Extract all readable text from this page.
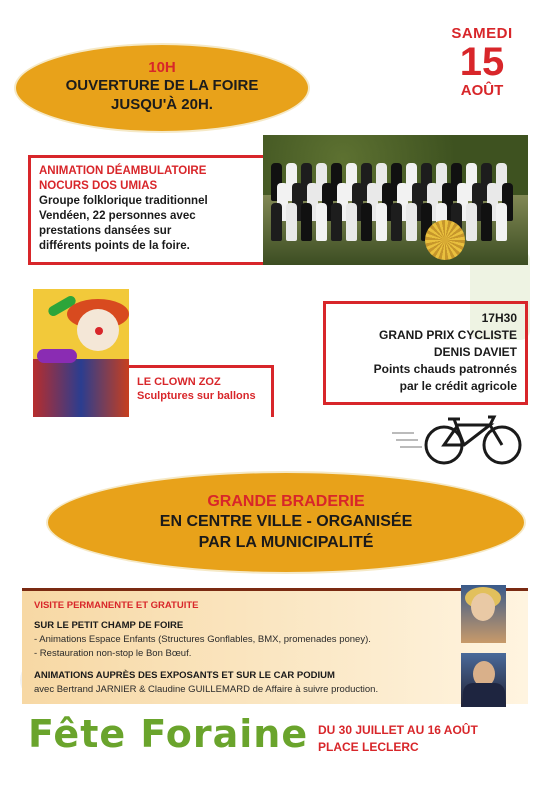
SAMEDI
15
AOÛT
10H
OUVERTURE DE LA FOIRE
JUSQU'À 20H.
ANIMATION DÉAMBULATOIRE
NOCURS DOS UMIAS
Groupe folklorique traditionnel
Vendéen, 22 personnes avec
prestations dansées sur
différents points de la foire.
LE CLOWN ZOZ
Sculptures sur ballons
17H30
GRAND PRIX CYCLISTE
DENIS DAVIET
Points chauds patronnés
par le crédit agricole
GRANDE BRADERIE
EN CENTRE VILLE - ORGANISÉE
PAR LA MUNICIPALITÉ
VISITE PERMANENTE ET GRATUITE
SUR LE PETIT CHAMP DE FOIRE
- Animations Espace Enfants (Structures Gonflables, BMX, promenades poney).
- Restauration non-stop le Bon Bœuf.
ANIMATIONS AUPRÈS DES EXPOSANTS ET SUR LE CAR PODIUM
avec Bertrand JARNIER & Claudine GUILLEMARD de Affaire à suivre production.
Fête Foraine DU 30 JUILLET AU 16 AOÛT
PLACE LECLERC
